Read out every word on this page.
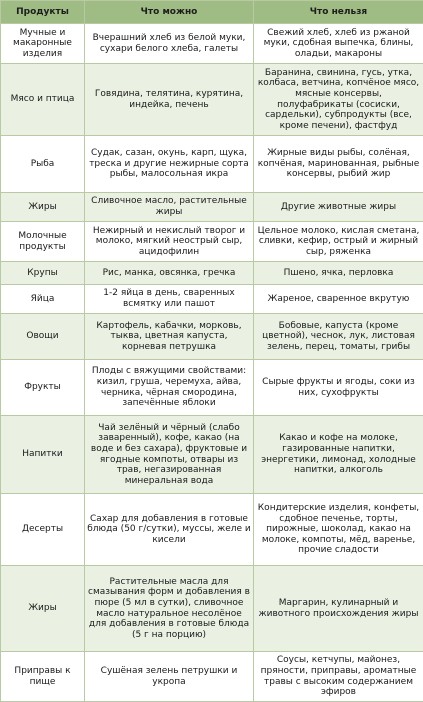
Продукты	Что можно	Что нельзя
Мучные и макаронные изделия	Вчерашний хлеб из белой муки, сухари белого хлеба, галеты	Свежий хлеб, хлеб из ржаной муки, сдобная выпечка, блины, оладьи, макароны
Мясо и птица	Говядина, телятина, курятина, индейка, печень	Баранина, свинина, гусь, утка, колбаса, ветчина, копчёное мясо, мясные консервы, полуфабрикаты (сосиски, сардельки), субпродукты (все, кроме печени), фастфуд
Рыба	Судак, сазан, окунь, карп, щука, треска и другие нежирные сорта рыбы, малосольная икра	Жирные виды рыбы, солёная, копчёная, маринованная, рыбные консервы, рыбий жир
Жиры	Сливочное масло, растительные жиры	Другие животные жиры
Молочные продукты	Нежирный и некислый творог и молоко, мягкий неострый сыр, ацидофилин	Цельное молоко, кислая сметана, сливки, кефир, острый и жирный сыр, ряженка
Крупы	Рис, манка, овсянка, гречка	Пшено, ячка, перловка
Яйца	1-2 яйца в день, сваренных всмятку или пашот	Жареное, сваренное вкрутую
Овощи	Картофель, кабачки, морковь, тыква, цветная капуста, корневая петрушка	Бобовые, капуста (кроме цветной), чеснок, лук, листовая зелень, перец, томаты, грибы
Фрукты	Плоды с вяжущими свойствами: кизил, груша, черемуха, айва, черника, чёрная смородина, запечённые яблоки	Сырые фрукты и ягоды, соки из них, сухофрукты
Напитки	Чай зелёный и чёрный (слабо заваренный), кофе, какао (на воде и без сахара), фруктовые и ягодные компоты, отвары из трав, негазированная минеральная вода	Какао и кофе на молоке, газированные напитки, энергетики, лимонад, холодные напитки, алкоголь
Десерты	Сахар для добавления в готовые блюда (50 г/сутки), муссы, желе и кисели	Кондитерские изделия, конфеты, сдобное печенье, торты, пирожные, шоколад, какао на молоке, компоты, мёд, варенье, прочие сладости
Жиры	Растительные масла для смазывания форм и добавления в пюре (5 мл в сутки), сливочное масло натуральное несолёное для добавления в готовые блюда (5 г на порцию)	Маргарин, кулинарный и животного происхождения жиры
Приправы к пище	Сушёная зелень петрушки и укропа	Соусы, кетчупы, майонез, пряности, приправы, ароматные травы с высоким содержанием эфиров
